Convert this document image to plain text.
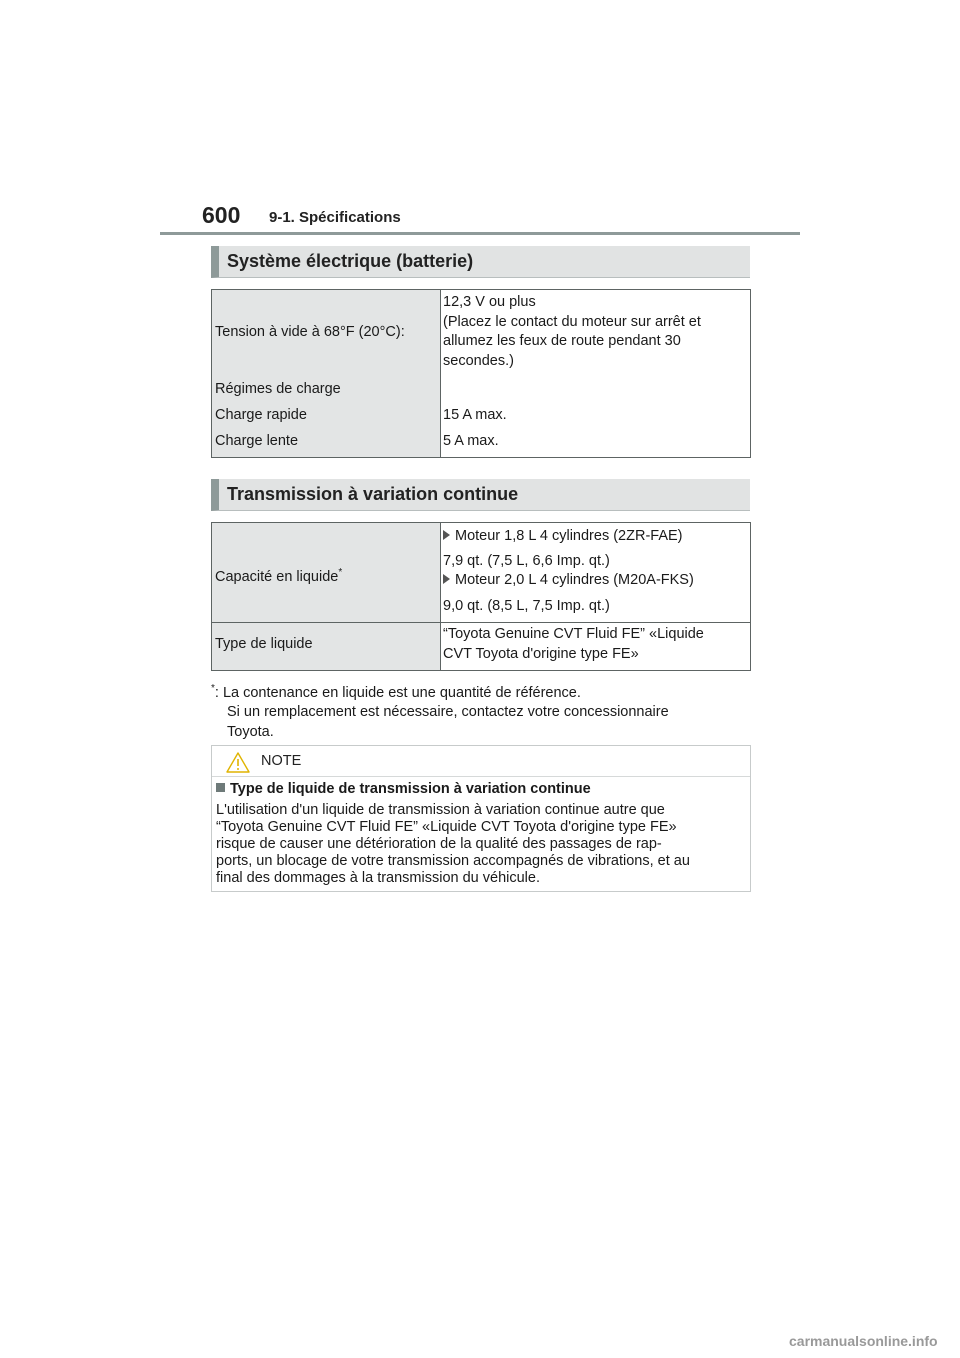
600 9-1. Spécifications
Système électrique (batterie)
Tension à vide à 68°F (20°C):
12,3 V ou plus
(Placez le contact du moteur sur arrêt et
allumez les feux de route pendant 30
secondes.)
Régimes de charge
Charge rapide	15 A max.
Charge lente	5 A max.
Transmission à variation continue
Capacité en liquide*
Moteur 1,8 L 4 cylindres (2ZR-FAE)
7,9 qt. (7,5 L, 6,6 Imp. qt.)
Moteur 2,0 L 4 cylindres (M20A-FKS)
9,0 qt. (8,5 L, 7,5 Imp. qt.)
Type de liquide
“Toyota Genuine CVT Fluid FE” «Liquide
CVT Toyota d'origine type FE»
*: La contenance en liquide est une quantité de référence.
Si un remplacement est nécessaire, contactez votre concessionnaire
Toyota.
NOTE
Type de liquide de transmission à variation continue
L'utilisation d'un liquide de transmission à variation continue autre que
“Toyota Genuine CVT Fluid FE” «Liquide CVT Toyota d'origine type FE»
risque de causer une détérioration de la qualité des passages de rap-
ports, un blocage de votre transmission accompagnés de vibrations, et au
final des dommages à la transmission du véhicule.
carmanualsonline.info
